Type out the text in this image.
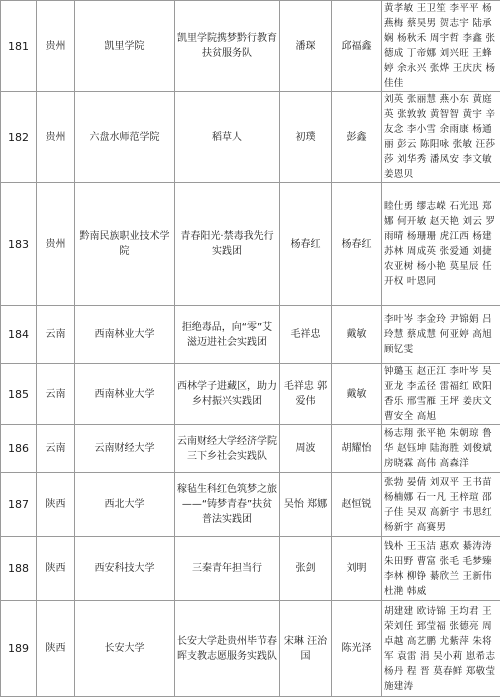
181	贵州	凯里学院	凯里学院携梦黔行教育扶贫服务队	潘琛	邱福鑫	黄孝敏 王卫笙 李平平 杨燕梅 蔡昊男 贺志宇 陆承娴 杨秋禾 周宇哲 李鑫 张德成 丁帝娜 刘兴旺 王蜂婷 余永兴 张烨 王庆庆 杨佳佳
182	贵州	六盘水师范学院	稻草人	初璞	彭鑫	刘英 张丽慧 燕小东 黄庭英 张敦敦 黄智智 黄宇 辛友念 李小雪 余雨康 杨通丽 彭云 陈阳咏 张敏 汪莎莎 刘华秀 潘凤安 李文敏 姜恩贝
183	贵州	黔南民族职业技术学院	青春阳光·禁毒我先行实践团	杨春红	杨春红	睦仕勇 缪志嵘 石光迅 郑娜 何开敏 赵天艳 刘云 罗雨晴 杨珊珊 虎江西 杨建 苏林 周成英 张爱通 刘捷 农亚树 杨小艳 莫星辰 任开权 叶恩同
184	云南	西南林业大学	拒绝毒品，向“零”艾滋迈进社会实践团	毛祥忠	戴敏	李叶岑 李金玲 尹锦娟 吕玲慧 蔡成慧 何亚婷 高旭 顾钇雯
185	云南	西南林业大学	西林学子进藏区，助力乡村振兴实践团	毛祥忠 郭爱伟	戴敏	钟璐玉 赵正江 李叶岑 吴亚龙 李孟径 雷福红 欧阳香乐 邢雪雁 王坪 姜庆文 曹安全 高旭
186	云南	云南财经大学	云南财经大学经济学院三下乡社会实践队	周波	胡耀怡	杨志翔 张平艳 朱朝琼 鲁华 赵钰坤 陆海胜 刘俊斌 房晓霖 高伟 高森洋
187	陕西	西北大学	稼毡生科红色筑梦之旅——“铸梦青春”扶贫普法实践团	吴怡 郑娜	赵恒锐	张勃 晏倩 刘双平 王书苗 杨楠娜 石一凡 王梓瑄 邵子佳 吴双 高新宇 韦思红 杨新宇 高赛男
188	陕西	西安科技大学	三秦青年担当行	张剑	刘明	钱朴 王玉洁 惠欢 綦涛涛 朱田野 曹富 张毛 毛梦臻 李林 柳铮 綦欣兰 王新伟 杜滟 韩威
189	陕西	长安大学	长安大学赴贵州毕节春晖支教志愿服务实践队	宋琳 汪治国	陈光泽	胡建建 欧诗锦 王均君 王荣刘任 郅莹福 张德亮 周卓越 高艺鹏 尤紫萍 朱将军 袁雷 涓 吴小莉 崽希志 杨丹 程 晋 莫春鲜 郑敬莹 施建涛
